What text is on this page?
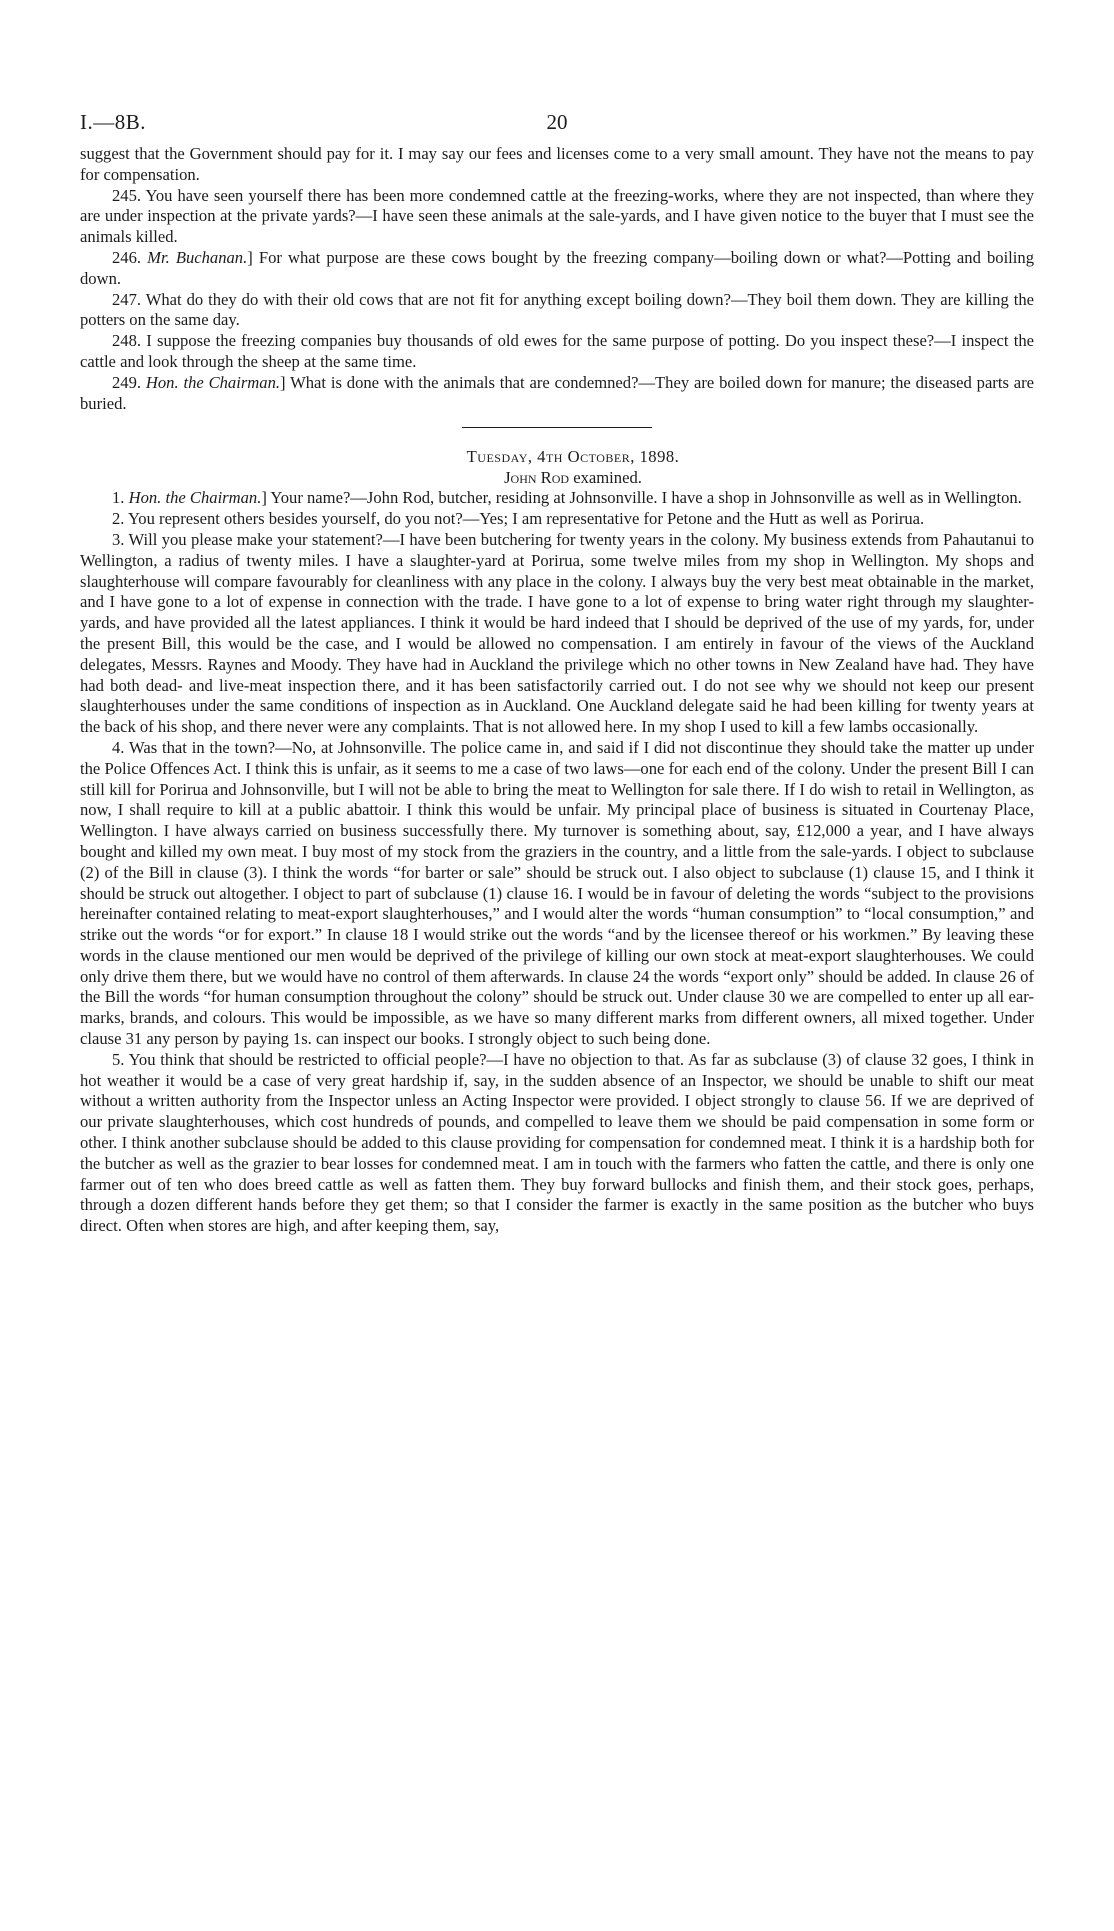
I.—8B.	20

suggest that the Government should pay for it. I may say our fees and licenses come to a very small amount. They have not the means to pay for compensation.

245. You have seen yourself there has been more condemned cattle at the freezing-works, where they are not inspected, than where they are under inspection at the private yards?—I have seen these animals at the sale-yards, and I have given notice to the buyer that I must see the animals killed.

246. Mr. Buchanan.] For what purpose are these cows bought by the freezing company—boiling down or what?—Potting and boiling down.

247. What do they do with their old cows that are not fit for anything except boiling down?—They boil them down. They are killing the potters on the same day.

248. I suppose the freezing companies buy thousands of old ewes for the same purpose of potting. Do you inspect these?—I inspect the cattle and look through the sheep at the same time.

249. Hon. the Chairman.] What is done with the animals that are condemned?—They are boiled down for manure; the diseased parts are buried.

Tuesday, 4th October, 1898.

John Rod examined.

1. Hon. the Chairman.] Your name?—John Rod, butcher, residing at Johnsonville. I have a shop in Johnsonville as well as in Wellington.

2. You represent others besides yourself, do you not?—Yes; I am representative for Petone and the Hutt as well as Porirua.

3. Will you please make your statement?—I have been butchering for twenty years in the colony. My business extends from Pahautanui to Wellington, a radius of twenty miles. I have a slaughter-yard at Porirua, some twelve miles from my shop in Wellington. My shops and slaughterhouse will compare favourably for cleanliness with any place in the colony. I always buy the very best meat obtainable in the market, and I have gone to a lot of expense in connection with the trade. I have gone to a lot of expense to bring water right through my slaughter-yards, and have provided all the latest appliances. I think it would be hard indeed that I should be deprived of the use of my yards, for, under the present Bill, this would be the case, and I would be allowed no compensation. I am entirely in favour of the views of the Auckland delegates, Messrs. Raynes and Moody. They have had in Auckland the privilege which no other towns in New Zealand have had. They have had both dead- and live-meat inspection there, and it has been satisfactorily carried out. I do not see why we should not keep our present slaughterhouses under the same conditions of inspection as in Auckland. One Auckland delegate said he had been killing for twenty years at the back of his shop, and there never were any complaints. That is not allowed here. In my shop I used to kill a few lambs occasionally.

4. Was that in the town?—No, at Johnsonville. The police came in, and said if I did not discontinue they should take the matter up under the Police Offences Act. I think this is unfair, as it seems to me a case of two laws—one for each end of the colony. Under the present Bill I can still kill for Porirua and Johnsonville, but I will not be able to bring the meat to Wellington for sale there. If I do wish to retail in Wellington, as now, I shall require to kill at a public abattoir. I think this would be unfair. My principal place of business is situated in Courtenay Place, Wellington. I have always carried on business successfully there. My turnover is something about, say, £12,000 a year, and I have always bought and killed my own meat. I buy most of my stock from the graziers in the country, and a little from the sale-yards. I object to subclause (2) of the Bill in clause (3). I think the words “for barter or sale” should be struck out. I also object to subclause (1) clause 15, and I think it should be struck out altogether. I object to part of subclause (1) clause 16. I would be in favour of deleting the words “subject to the provisions hereinafter contained relating to meat-export slaughterhouses,” and I would alter the words “human consumption” to “local consumption,” and strike out the words “or for export.” In clause 18 I would strike out the words “and by the licensee thereof or his workmen.” By leaving these words in the clause mentioned our men would be deprived of the privilege of killing our own stock at meat-export slaughterhouses. We could only drive them there, but we would have no control of them afterwards. In clause 24 the words “export only” should be added. In clause 26 of the Bill the words “for human consumption throughout the colony” should be struck out. Under clause 30 we are compelled to enter up all ear-marks, brands, and colours. This would be impossible, as we have so many different marks from different owners, all mixed together. Under clause 31 any person by paying 1s. can inspect our books. I strongly object to such being done.

5. You think that should be restricted to official people?—I have no objection to that. As far as subclause (3) of clause 32 goes, I think in hot weather it would be a case of very great hardship if, say, in the sudden absence of an Inspector, we should be unable to shift our meat without a written authority from the Inspector unless an Acting Inspector were provided. I object strongly to clause 56. If we are deprived of our private slaughterhouses, which cost hundreds of pounds, and compelled to leave them we should be paid compensation in some form or other. I think another subclause should be added to this clause providing for compensation for condemned meat. I think it is a hardship both for the butcher as well as the grazier to bear losses for condemned meat. I am in touch with the farmers who fatten the cattle, and there is only one farmer out of ten who does breed cattle as well as fatten them. They buy forward bullocks and finish them, and their stock goes, perhaps, through a dozen different hands before they get them; so that I consider the farmer is exactly in the same position as the butcher who buys direct. Often when stores are high, and after keeping them, say,
